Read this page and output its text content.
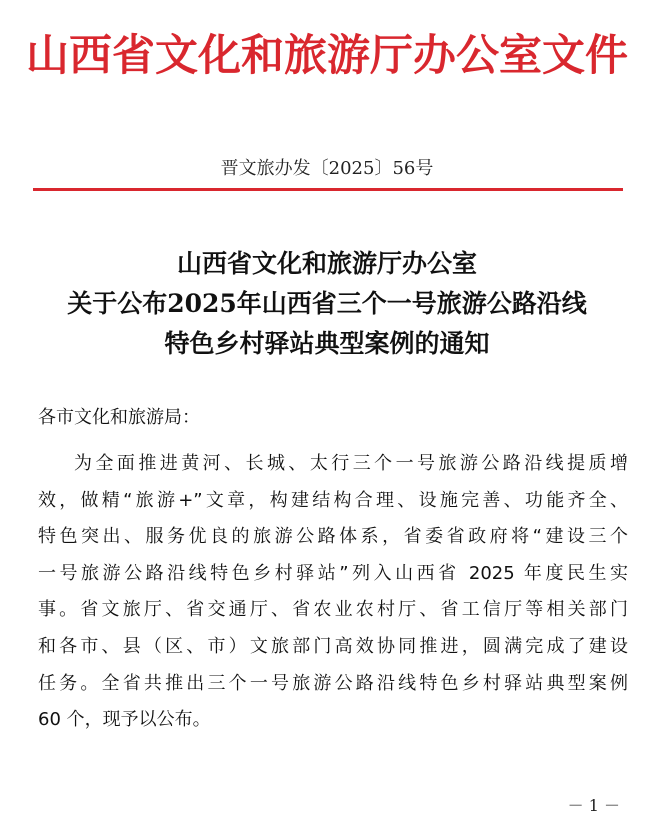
山西省文化和旅游厅办公室文件
晋文旅办发〔2025〕56号
山西省文化和旅游厅办公室
关于公布2025年山西省三个一号旅游公路沿线
特色乡村驿站典型案例的通知
各市文化和旅游局：
为全面推进黄河、长城、太行三个一号旅游公路沿线提质增
效，做精“旅游+”文章，构建结构合理、设施完善、功能齐全、
特色突出、服务优良的旅游公路体系，省委省政府将“建设三个
一号旅游公路沿线特色乡村驿站”列入山西省 2025 年度民生实
事。省文旅厅、省交通厅、省农业农村厅、省工信厅等相关部门
和各市、县（区、市）文旅部门高效协同推进，圆满完成了建设
任务。全省共推出三个一号旅游公路沿线特色乡村驿站典型案例
60 个，现予以公布。
－ 1 －
